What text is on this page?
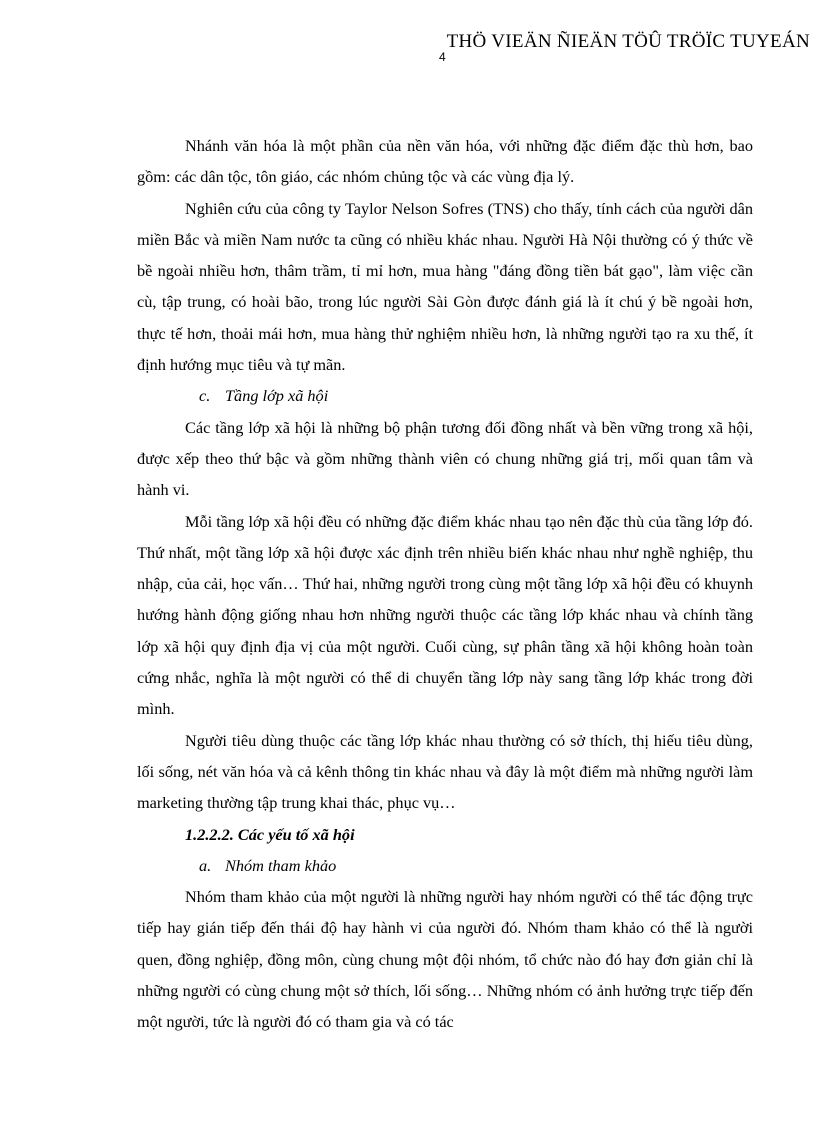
4
THÖ VIEÄN ÑIEÄN TÖÛ TRÖÏC TUYEÁN

Nhánh văn hóa là một phần của nền văn hóa, với những đặc điểm đặc thù hơn, bao gồm: các dân tộc, tôn giáo, các nhóm chủng tộc và các vùng địa lý.

Nghiên cứu của công ty Taylor Nelson Sofres (TNS) cho thấy, tính cách của người dân miền Bắc và miền Nam nước ta cũng có nhiều khác nhau. Người Hà Nội thường có ý thức về bề ngoài nhiều hơn, thâm trầm, tỉ mỉ hơn, mua hàng "đáng đồng tiền bát gạo", làm việc cần cù, tập trung, có hoài bão, trong lúc người Sài Gòn được đánh giá là ít chú ý bề ngoài hơn, thực tế hơn, thoải mái hơn, mua hàng thử nghiệm nhiều hơn, là những người tạo ra xu thế, ít định hướng mục tiêu và tự mãn.

c. Tầng lớp xã hội

Các tầng lớp xã hội là những bộ phận tương đối đồng nhất và bền vững trong xã hội, được xếp theo thứ bậc và gồm những thành viên có chung những giá trị, mối quan tâm và hành vi.

Mỗi tầng lớp xã hội đều có những đặc điểm khác nhau tạo nên đặc thù của tầng lớp đó. Thứ nhất, một tầng lớp xã hội được xác định trên nhiều biến khác nhau như nghề nghiệp, thu nhập, của cải, học vấn… Thứ hai, những người trong cùng một tầng lớp xã hội đều có khuynh hướng hành động giống nhau hơn những người thuộc các tầng lớp khác nhau và chính tầng lớp xã hội quy định địa vị của một người. Cuối cùng, sự phân tầng xã hội không hoàn toàn cứng nhắc, nghĩa là một người có thể di chuyển tầng lớp này sang tầng lớp khác trong đời mình.

Người tiêu dùng thuộc các tầng lớp khác nhau thường có sở thích, thị hiếu tiêu dùng, lối sống, nét văn hóa và cả kênh thông tin khác nhau và đây là một điểm mà những người làm marketing thường tập trung khai thác, phục vụ…

1.2.2.2. Các yếu tố xã hội

a. Nhóm tham khảo

Nhóm tham khảo của một người là những người hay nhóm người có thể tác động trực tiếp hay gián tiếp đến thái độ hay hành vi của người đó. Nhóm tham khảo có thể là người quen, đồng nghiệp, đồng môn, cùng chung một đội nhóm, tổ chức nào đó hay đơn giản chỉ là những người có cùng chung một sở thích, lối sống… Những nhóm có ảnh hưởng trực tiếp đến một người, tức là người đó có tham gia và có tác
